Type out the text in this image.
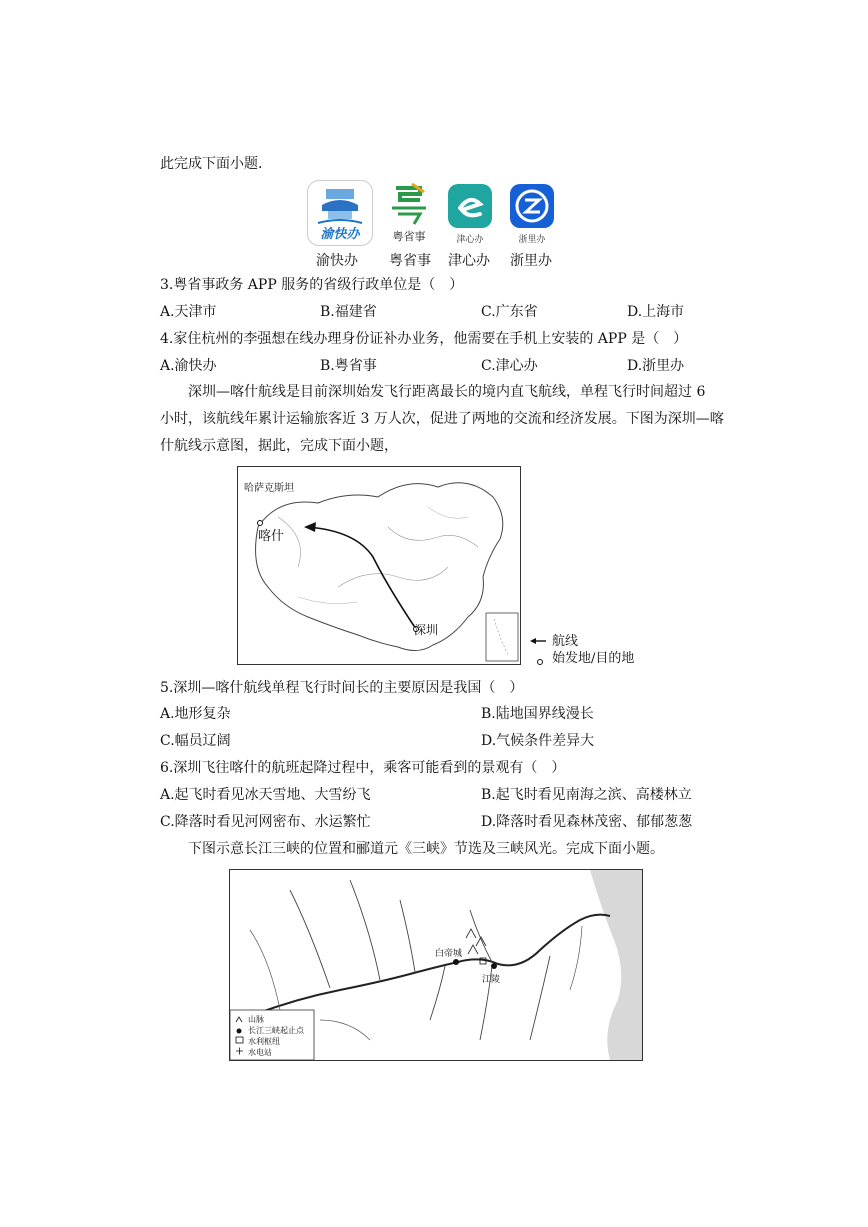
此完成下面小题.
渝快办	粤省事	津心办	浙里办
渝快办 粤省事 津心办 浙里办
3.粤省事政务 APP 服务的省级行政单位是（　）
A.天津市	B.福建省	C.广东省	D.上海市
4.家住杭州的李强想在线办理身份证补办业务，他需要在手机上安装的 APP 是（　）
A.渝快办	B.粤省事	C.津心办	D.浙里办
深圳—喀什航线是目前深圳始发飞行距离最长的境内直飞航线，单程飞行时间超过 6
小时，该航线年累计运输旅客近 3 万人次，促进了两地的交流和经济发展。下图为深圳—喀
什航线示意图，据此，完成下面小题，
哈萨克斯坦
喀什
深圳
航线
始发地/目的地
5.深圳—喀什航线单程飞行时间长的主要原因是我国（　）
A.地形复杂	B.陆地国界线漫长
C.幅员辽阔	D.气候条件差异大
6.深圳飞往喀什的航班起降过程中，乘客可能看到的景观有（　）
A.起飞时看见冰天雪地、大雪纷飞	B.起飞时看见南海之滨、高楼林立
C.降落时看见河网密布、水运繁忙	D.降落时看见森林茂密、郁郁葱葱
下图示意长江三峡的位置和郦道元《三峡》节选及三峡风光。完成下面小题。
白帝城
江陵
山脉
长江三峡起止点
水利枢纽
水电站
